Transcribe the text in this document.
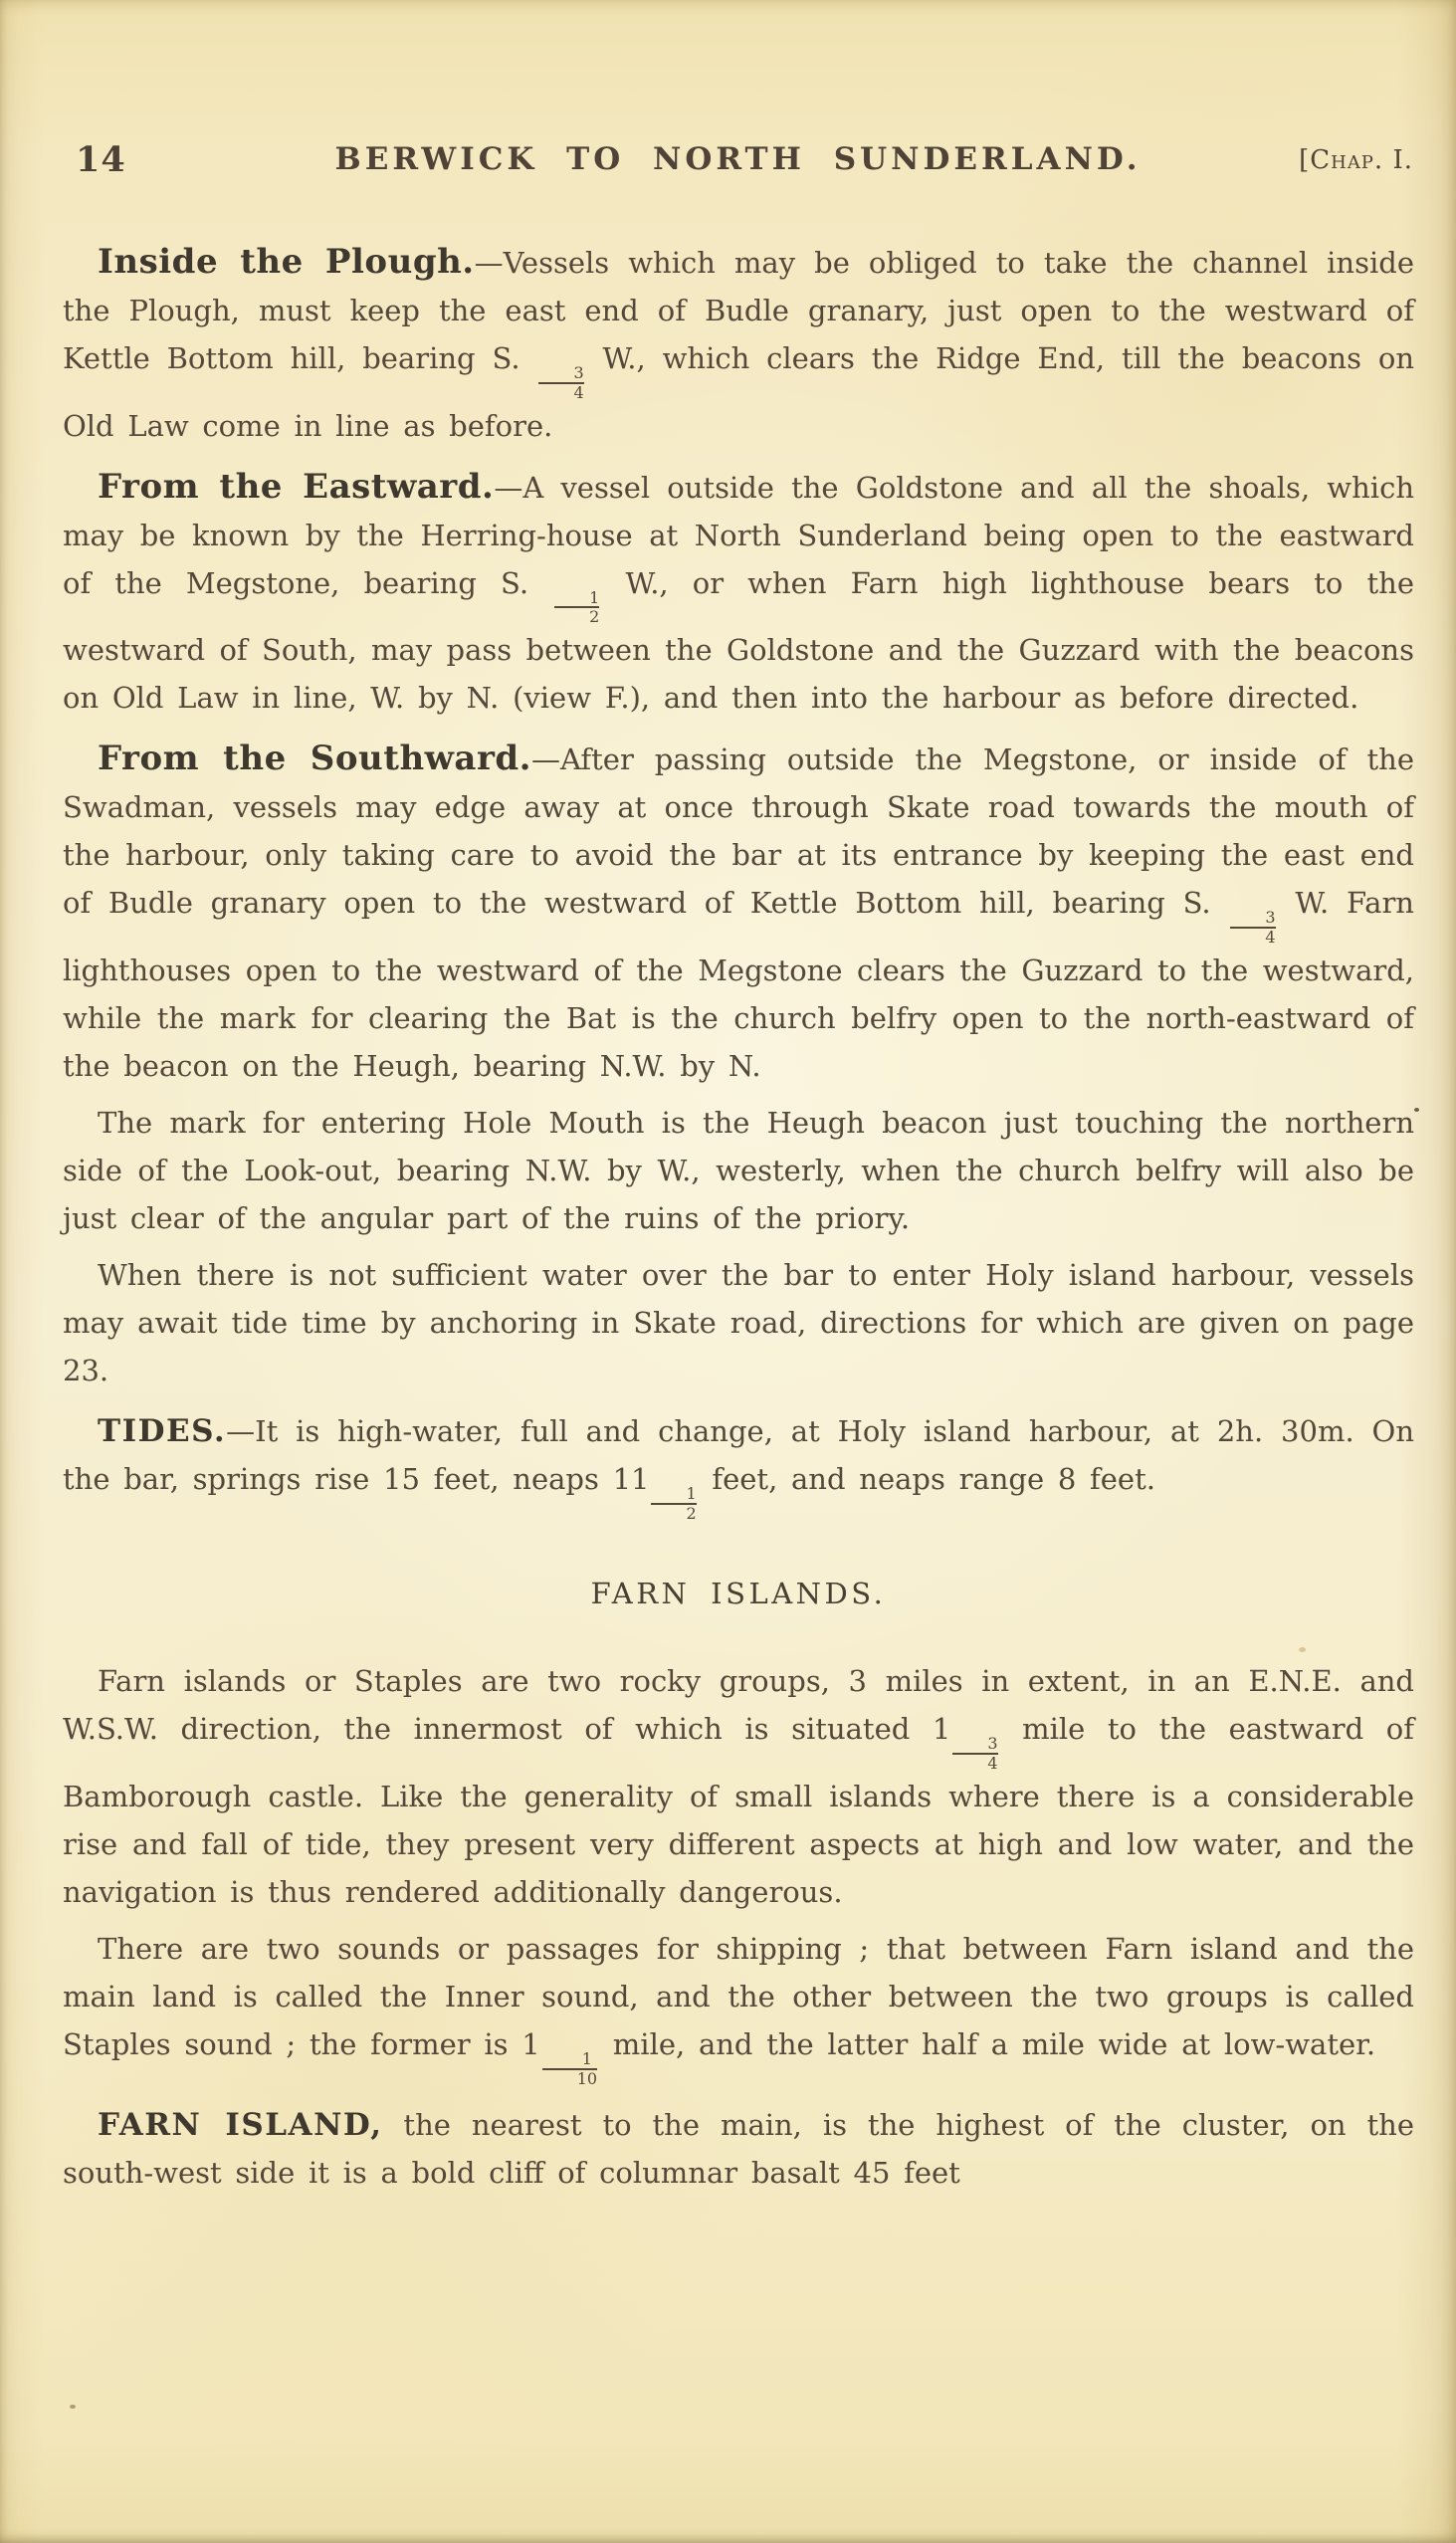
14	BERWICK TO NORTH SUNDERLAND.	[Chap. I.

Inside the Plough.—Vessels which may be obliged to take the channel inside the Plough, must keep the east end of Budle granary, just open to the westward of Kettle Bottom hill, bearing S.
$\frac{3}{4}$
W., which clears the Ridge End, till the beacons on Old Law come in line as before.

From the Eastward.—A vessel outside the Goldstone and all the shoals, which may be known by the Herring-house at North Sunderland being open to the eastward of the Megstone, bearing S.
$\frac{1}{2}$
W., or when Farn high lighthouse bears to the westward of South, may pass between the Goldstone and the Guzzard with the beacons on Old Law in line, W. by N. (view F.), and then into the harbour as before directed.

From the Southward.—After passing outside the Megstone, or inside of the Swadman, vessels may edge away at once through Skate road towards the mouth of the harbour, only taking care to avoid the bar at its entrance by keeping the east end of Budle granary open to the westward of Kettle Bottom hill, bearing S.
$\frac{3}{4}$
W. Farn lighthouses open to the westward of the Megstone clears the Guzzard to the westward, while the mark for clearing the Bat is the church belfry open to the north-eastward of the beacon on the Heugh, bearing N.W. by N.

The mark for entering Hole Mouth is the Heugh beacon just touching the northern side of the Look-out, bearing N.W. by W., westerly, when the church belfry will also be just clear of the angular part of the ruins of the priory.

When there is not sufficient water over the bar to enter Holy island harbour, vessels may await tide time by anchoring in Skate road, directions for which are given on page 23.

TIDES.—It is high-water, full and change, at Holy island harbour, at 2h. 30m. On the bar, springs rise 15 feet, neaps 11
$\frac{1}{2}$
feet, and neaps range 8 feet.

FARN ISLANDS.

Farn islands or Staples are two rocky groups, 3 miles in extent, in an E.N.E. and W.S.W. direction, the innermost of which is situated 1
$\frac{3}{4}$
mile to the eastward of Bamborough castle. Like the generality of small islands where there is a considerable rise and fall of tide, they present very different aspects at high and low water, and the navigation is thus rendered additionally dangerous.

There are two sounds or passages for shipping ; that between Farn island and the main land is called the Inner sound, and the other between the two groups is called Staples sound ; the former is 1
$\frac{1}{10}$
mile, and the latter half a mile wide at low-water.

FARN ISLAND, the nearest to the main, is the highest of the cluster, on the south-west side it is a bold cliff of columnar basalt 45 feet
